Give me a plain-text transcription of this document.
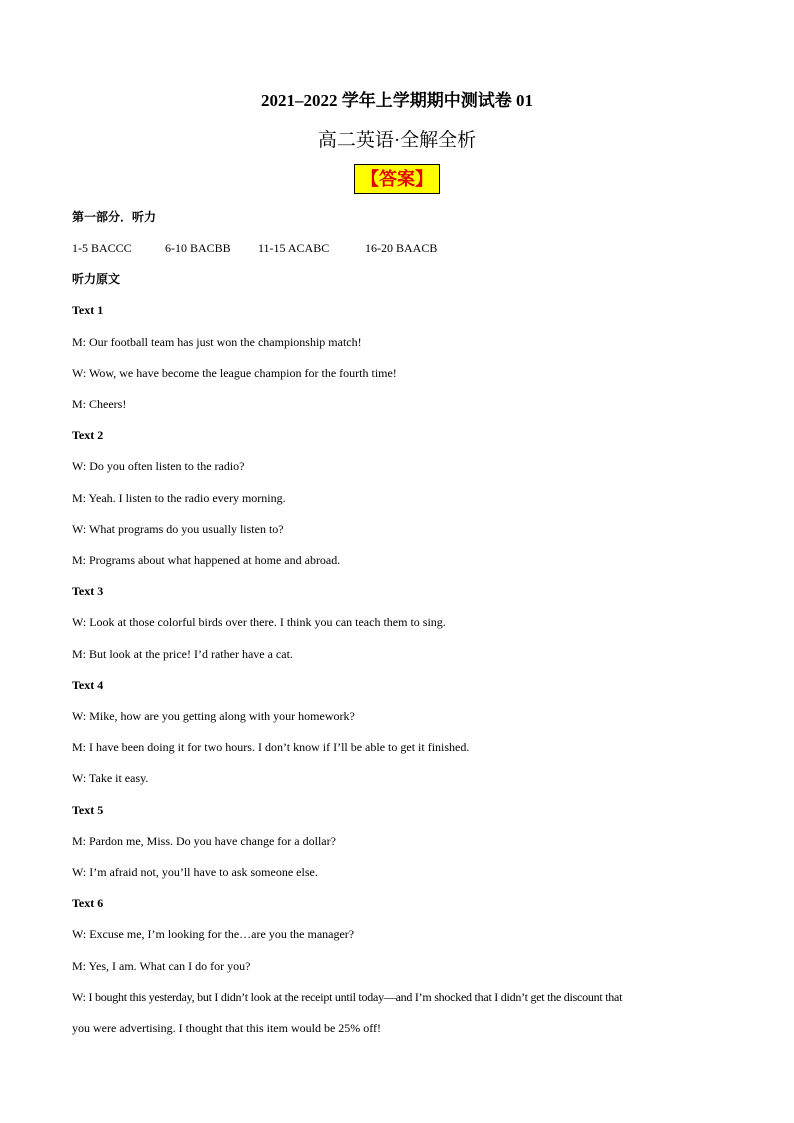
2021–2022 学年上学期期中测试卷 01
高二英语·全解全析
【答案】
第一部分．听力
1-5 BACCC	6-10 BACBB 11-15 ACABC	16-20 BAACB
听力原文
Text 1
M: Our football team has just won the championship match!
W: Wow, we have become the league champion for the fourth time!
M: Cheers!
Text 2
W: Do you often listen to the radio?
M: Yeah. I listen to the radio every morning.
W: What programs do you usually listen to?
M: Programs about what happened at home and abroad.
Text 3
W: Look at those colorful birds over there. I think you can teach them to sing.
M: But look at the price! I’d rather have a cat.
Text 4
W: Mike, how are you getting along with your homework?
M: I have been doing it for two hours. I don’t know if I’ll be able to get it finished.
W: Take it easy.
Text 5
M: Pardon me, Miss. Do you have change for a dollar?
W: I’m afraid not, you’ll have to ask someone else.
Text 6
W: Excuse me, I’m looking for the…are you the manager?
M: Yes, I am. What can I do for you?
W: I bought this yesterday, but I didn’t look at the receipt until today—and I’m shocked that I didn’t get the discount that
you were advertising. I thought that this item would be 25% off!
